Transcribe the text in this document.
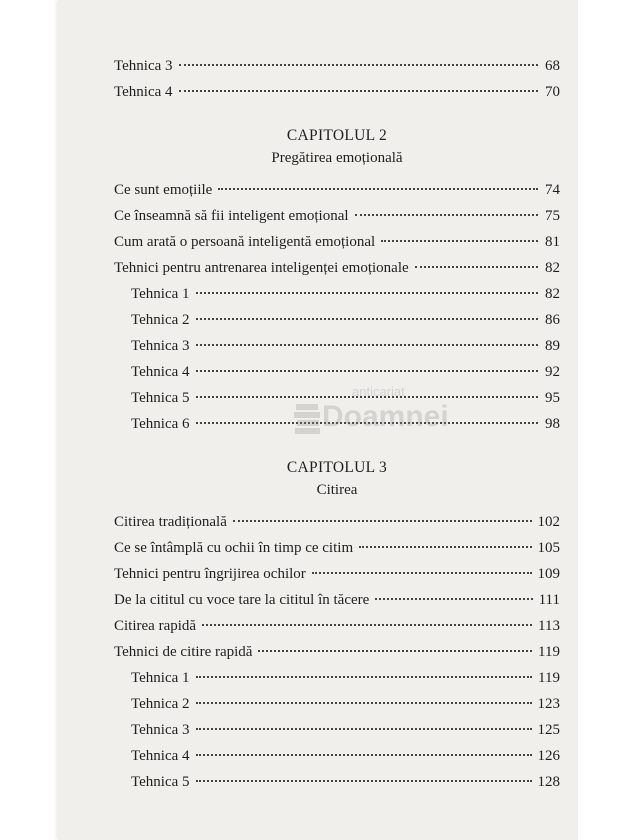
Tehnica 3	68
Tehnica 4	70
CAPITOLUL 2
Pregătirea emoțională
Ce sunt emoțiile	74
Ce înseamnă să fii inteligent emoțional	75
Cum arată o persoană inteligentă emoțional	81
Tehnici pentru antrenarea inteligenței emoționale	82
Tehnica 1	82
Tehnica 2	86
Tehnica 3	89
Tehnica 4	92
Tehnica 5	95
Tehnica 6	98
CAPITOLUL 3
Citirea
Citirea tradițională	102
Ce se întâmplă cu ochii în timp ce citim	105
Tehnici pentru îngrijirea ochilor	109
De la cititul cu voce tare la cititul în tăcere	111
Citirea rapidă	113
Tehnici de citire rapidă	119
Tehnica 1	119
Tehnica 2	123
Tehnica 3	125
Tehnica 4	126
Tehnica 5	128
anticariat
Doamnei
